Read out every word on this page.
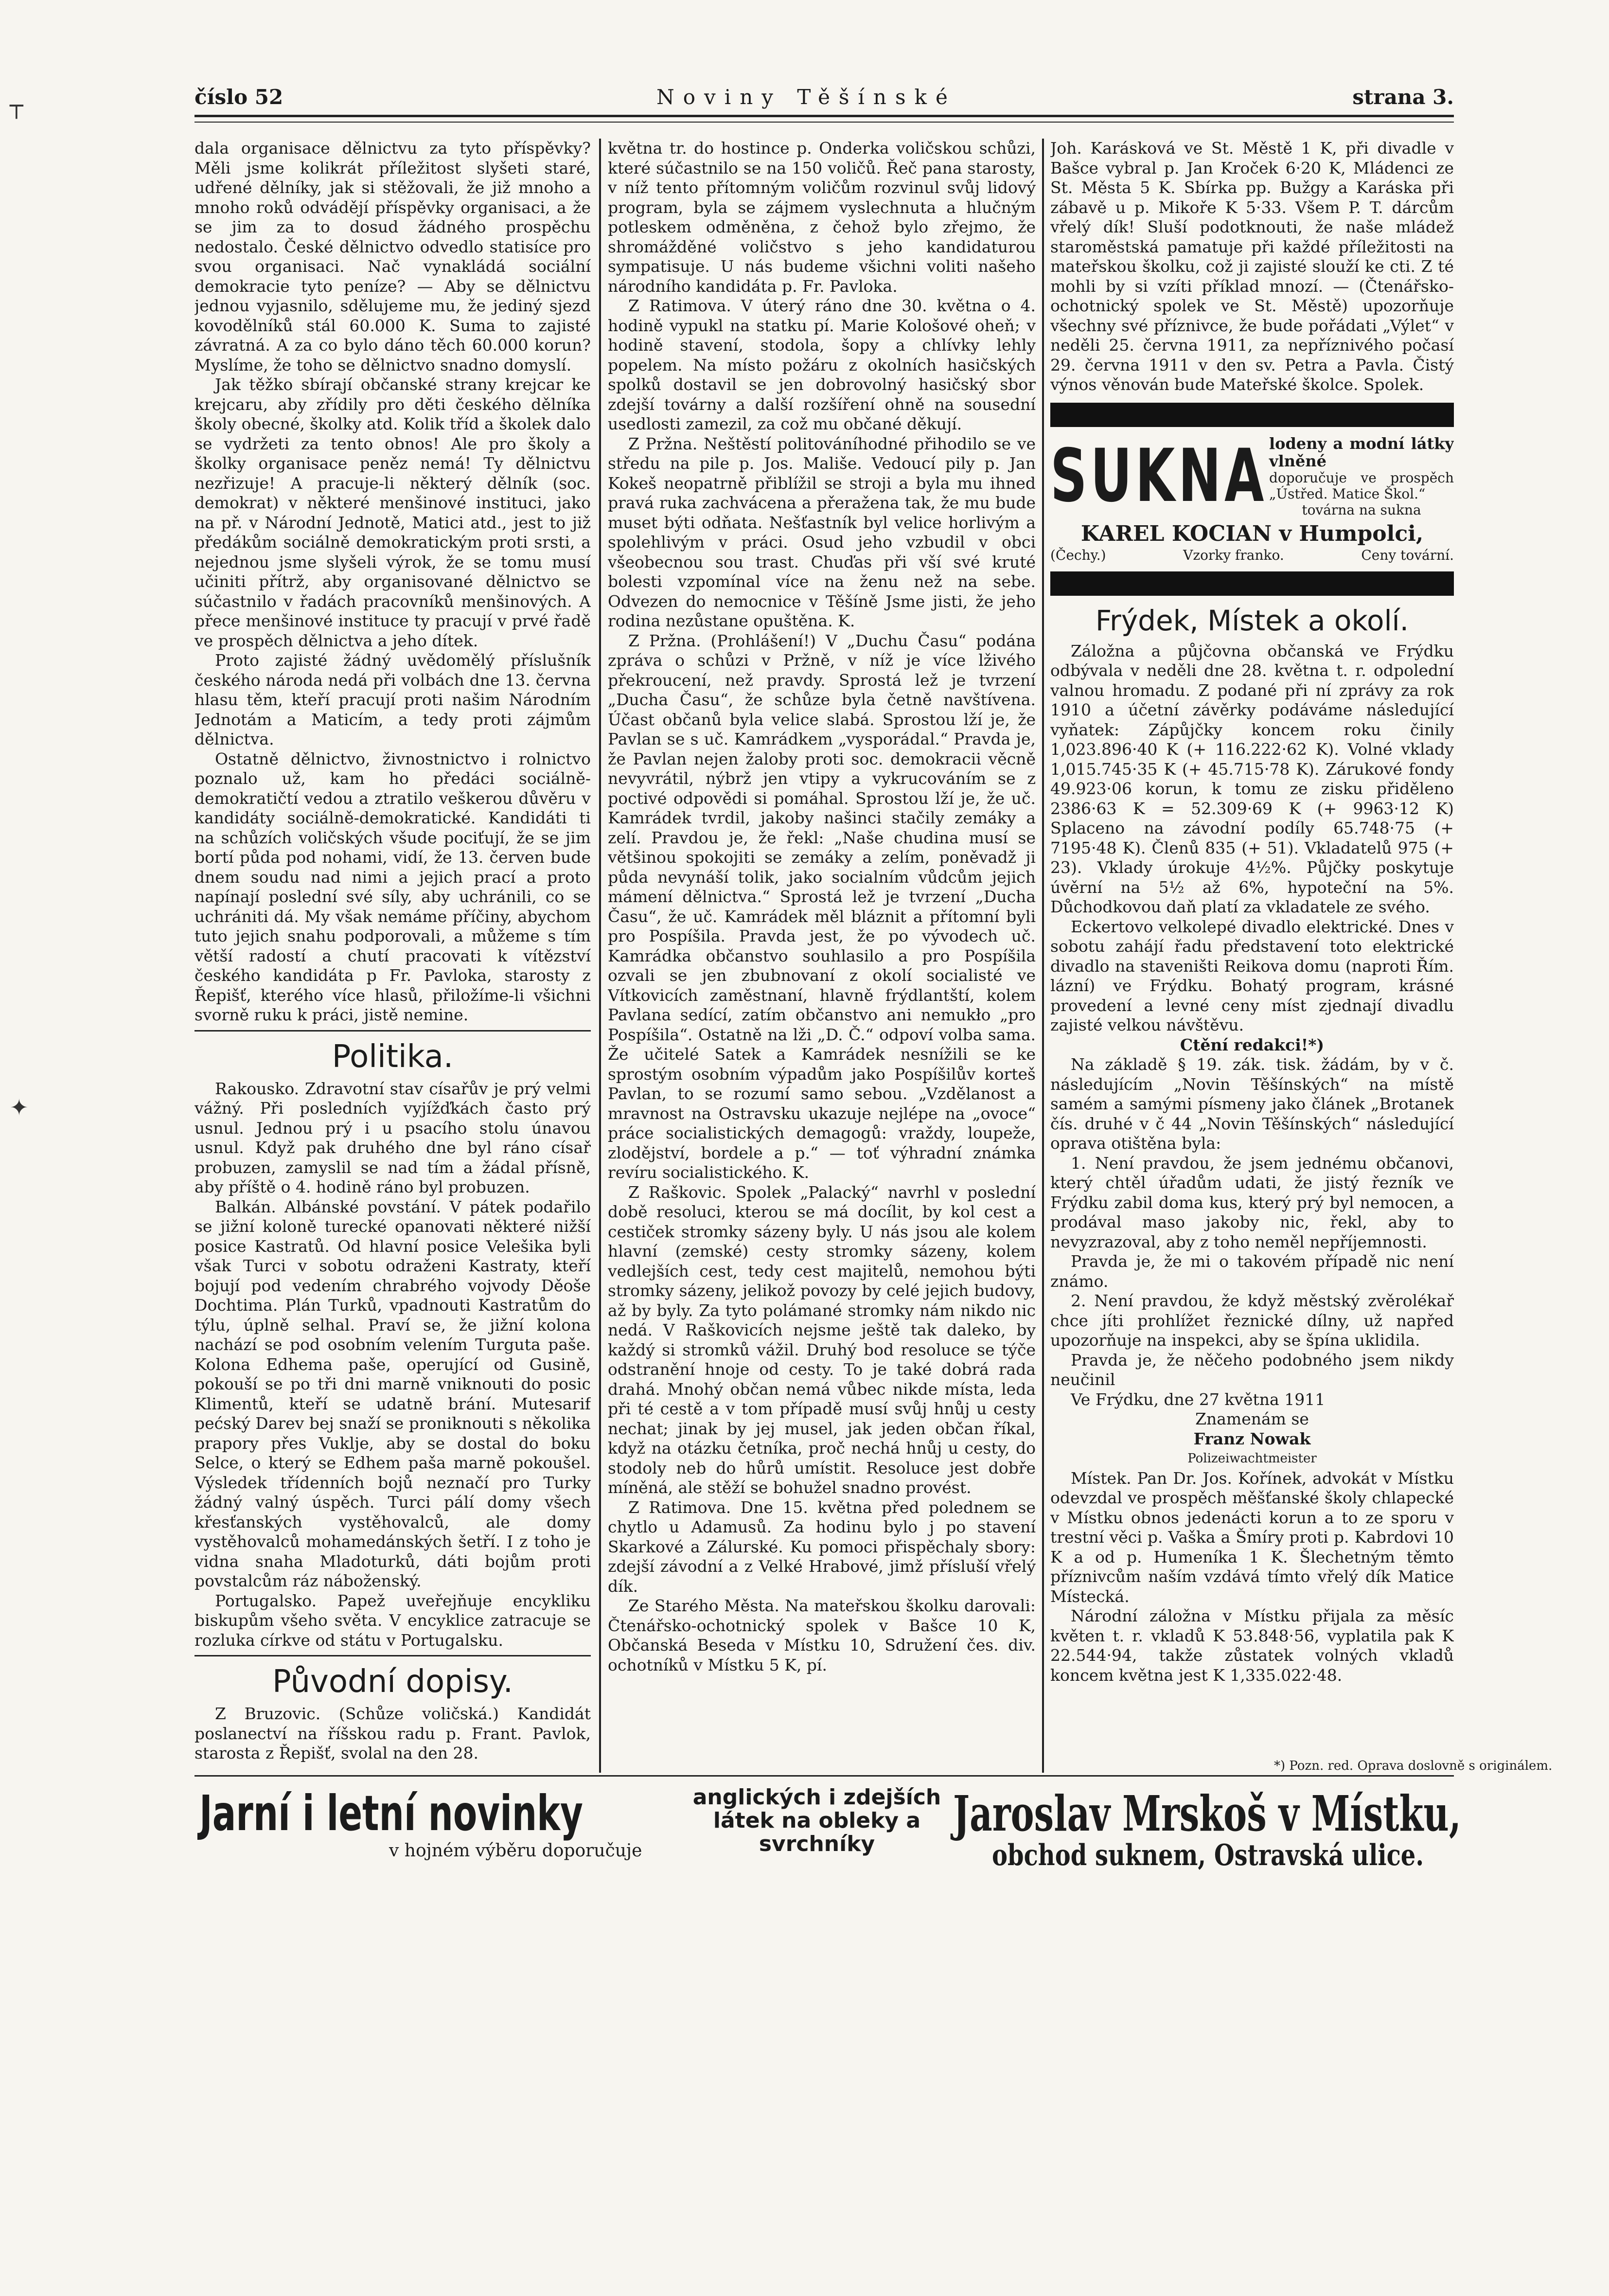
číslo 52	Noviny Těšínské	strana 3.

dala organisace dělnictvu za tyto příspěvky? Měli jsme kolikrát příležitost slyšeti staré, udřené dělníky, jak si stěžovali, že již mnoho a mnoho roků odvádějí příspěvky organisaci, a že se jim za to dosud žádného prospěchu nedostalo. České dělnictvo odvedlo statisíce pro svou organisaci. Nač vynakládá sociální demokracie tyto peníze? — Aby se dělnictvu jednou vyjasnilo, sdělujeme mu, že jediný sjezd kovodělníků stál 60.000 K. Suma to zajisté závratná. A za co bylo dáno těch 60.000 korun? Myslíme, že toho se dělnictvo snadno domyslí.

Jak těžko sbírají občanské strany krejcar ke krejcaru, aby zřídily pro děti českého dělníka školy obecné, školky atd. Kolik tříd a školek dalo se vydržeti za tento obnos! Ale pro školy a školky organisace peněz nemá! Ty dělnictvu nezřizuje! A pracuje-li některý dělník (soc. demokrat) v některé menšinové instituci, jako na př. v Národní Jednotě, Matici atd., jest to již předákům sociálně demokratickým proti srsti, a nejednou jsme slyšeli výrok, že se tomu musí učiniti přítrž, aby organisované dělnictvo se súčastnilo v řadách pracovníků menšinových. A přece menšinové instituce ty pracují v prvé řadě ve prospěch dělnictva a jeho dítek.

Proto zajisté žádný uvědomělý příslušník českého národa nedá při volbách dne 13. června hlasu těm, kteří pracují proti našim Národním Jednotám a Maticím, a tedy proti zájmům dělnictva.

Ostatně dělnictvo, živnostnictvo i rolnictvo poznalo už, kam ho předáci sociálně-demokratičtí vedou a ztratilo veškerou důvěru v kandidáty sociálně-demokratické. Kandidáti ti na schůzích voličských všude pociťují, že se jim bortí půda pod nohami, vidí, že 13. červen bude dnem soudu nad nimi a jejich prací a proto napínají poslední své síly, aby uchránili, co se uchrániti dá. My však nemáme příčiny, abychom tuto jejich snahu podporovali, a můžeme s tím větší radostí a chutí pracovati k vítězství českého kandidáta p Fr. Pavloka, starosty z Řepišť, kterého více hlasů, přiložíme-li všichni svorně ruku k práci, jistě nemine.

Politika.

Rakousko. Zdravotní stav císařův je prý velmi vážný. Při posledních vyjížďkách často prý usnul. Jednou prý i u psacího stolu únavou usnul. Když pak druhého dne byl ráno císař probuzen, zamyslil se nad tím a žádal přísně, aby příště o 4. hodině ráno byl probuzen.

Balkán. Albánské povstání. V pátek podařilo se jižní koloně turecké opanovati některé nižší posice Kastratů. Od hlavní posice Velešika byli však Turci v sobotu odraženi Kastraty, kteří bojují pod vedením chrabrého vojvody Děoše Dochtima. Plán Turků, vpadnouti Kastratům do týlu, úplně selhal. Praví se, že jižní kolona nachází se pod osobním velením Turguta paše. Kolona Edhema paše, operující od Gusině, pokouší se po tři dni marně vniknouti do posic Klimentů, kteří se udatně brání. Mutesarif pećský Darev bej snaží se proniknouti s několika prapory přes Vuklje, aby se dostal do boku Selce, o který se Edhem paša marně pokoušel. Výsledek třídenních bojů neznačí pro Turky žádný valný úspěch. Turci pálí domy všech křesťanských vystěhovalců, ale domy vystěhovalců mohamedánských šetří. I z toho je vidna snaha Mladoturků, dáti bojům proti povstalcům ráz náboženský.

Portugalsko. Papež uveřejňuje encykliku biskupům všeho světa. V encyklice zatracuje se rozluka církve od státu v Portugalsku.

Původní dopisy.

Z Bruzovic. (Schůze voličská.) Kandidát poslanectví na říšskou radu p. Frant. Pavlok, starosta z Řepišť, svolal na den 28.

května tr. do hostince p. Onderka voličskou schůzi, které súčastnilo se na 150 voličů. Řeč pana starosty, v níž tento přítomným voličům rozvinul svůj lidový program, byla se zájmem vyslechnuta a hlučným potleskem odměněna, z čehož bylo zřejmo, že shromážděné voličstvo s jeho kandidaturou sympatisuje. U nás budeme všichni voliti našeho národního kandidáta p. Fr. Pavloka.

Z Ratimova. V úterý ráno dne 30. května o 4. hodině vypukl na statku pí. Marie Kološové oheň; v hodině stavení, stodola, šopy a chlívky lehly popelem. Na místo požáru z okolních hasičských spolků dostavil se jen dobrovolný hasičský sbor zdejší továrny a další rozšíření ohně na sousední usedlosti zamezil, za což mu občané děkují.

Z Pržna. Neštěstí politováníhodné přihodilo se ve středu na pile p. Jos. Mališe. Vedoucí pily p. Jan Kokeš neopatrně přiblížil se stroji a byla mu ihned pravá ruka zachvácena a přeražena tak, že mu bude muset býti odňata. Nešťastník byl velice horlivým a spolehlivým v práci. Osud jeho vzbudil v obci všeobecnou sou trast. Chuďas při vší své kruté bolesti vzpomínal více na ženu než na sebe. Odvezen do nemocnice v Těšíně Jsme jisti, že jeho rodina nezůstane opuštěna. K.

Z Pržna. (Prohlášení!) V „Duchu Času“ podána zpráva o schůzi v Pržně, v níž je více lživého překroucení, než pravdy. Sprostá lež je tvrzení „Ducha Času“, že schůze byla četně navštívena. Účast občanů byla velice slabá. Sprostou lží je, že Pavlan se s uč. Kamrádkem „vysporádal.“ Pravda je, že Pavlan nejen žaloby proti soc. demokracii věcně nevyvrátil, nýbrž jen vtipy a vykrucováním se z poctivé odpovědi si pomáhal. Sprostou lží je, že uč. Kamrádek tvrdil, jakoby našinci stačily zemáky a zelí. Pravdou je, že řekl: „Naše chudina musí se většinou spokojiti se zemáky a zelím, poněvadž ji půda nevynáší tolik, jako socialním vůdcům jejich mámení dělnictva.“ Sprostá lež je tvrzení „Ducha Času“, že uč. Kamrádek měl bláznit a přítomní byli pro Pospíšila. Pravda jest, že po vývodech uč. Kamrádka občanstvo souhlasilo a pro Pospíšila ozvali se jen zbubnovaní z okolí socialisté ve Vítkovicích zaměstnaní, hlavně frýdlantští, kolem Pavlana sedící, zatím občanstvo ani nemukło „pro Pospíšila“. Ostatně na lži „D. Č.“ odpoví volba sama. Že učitelé Satek a Kamrádek nesnížili se ke sprostým osobním výpadům jako Pospíšilův korteš Pavlan, to se rozumí samo sebou. „Vzdělanost a mravnost na Ostravsku ukazuje nejlépe na „ovoce“ práce socialistických demagogů: vraždy, loupeže, zlodějství, bordele a p.“ — toť výhradní známka revíru socialistického. K.

Z Raškovic. Spolek „Palacký“ navrhl v poslední době resoluci, kterou se má docílit, by kol cest a cestiček stromky sázeny byly. U nás jsou ale kolem hlavní (zemské) cesty stromky sázeny, kolem vedlejších cest, tedy cest majitelů, nemohou býti stromky sázeny, jelikož povozy by celé jejich budovy, až by byly. Za tyto polámané stromky nám nikdo nic nedá. V Raškovicích nejsme ještě tak daleko, by každý si stromků vážil. Druhý bod resoluce se týče odstranění hnoje od cesty. To je také dobrá rada drahá. Mnohý občan nemá vůbec nikde místa, leda při té cestě a v tom případě musí svůj hnůj u cesty nechat; jinak by jej musel, jak jeden občan říkal, když na otázku četníka, proč nechá hnůj u cesty, do stodoly neb do hůrů umístit. Resoluce jest dobře míněná, ale stěží se bohužel snadno provést.

Z Ratimova. Dne 15. května před polednem se chytlo u Adamusů. Za hodinu bylo j po stavení Skarkové a Zálurské. Ku pomoci přispěchaly sbory: zdejší závodní a z Velké Hrabové, jimž přísluší vřelý dík.

Ze Starého Města. Na mateřskou školku darovali: Čtenářsko-ochotnický spolek v Bašce 10 K, Občanská Beseda v Místku 10, Sdružení čes. div. ochotníků v Místku 5 K, pí.

Joh. Karásková ve St. Městě 1 K, při divadle v Bašce vybral p. Jan Kroček 6·20 K, Mládenci ze St. Města 5 K. Sbírka pp. Bužgy a Karáska při zábavě u p. Mikoře K 5·33. Všem P. T. dárcům vřelý dík! Sluší podotknouti, že naše mládež staroměstská pamatuje při každé příležitosti na mateřskou školku, což ji zajisté slouží ke cti. Z té mohli by si vzíti příklad mnozí. — (Čtenářsko-ochotnický spolek ve St. Městě) upozorňuje všechny své příznivce, že bude pořádati „Výlet“ v neděli 25. června 1911, za nepříznivého počasí 29. června 1911 v den sv. Petra a Pavla. Čistý výnos věnován bude Mateřské školce. Spolek.

SUKNA lodeny a modní látky vlněné
doporučuje ve prospěch „Ústřed. Matice Škol.“
továrna na sukna
KAREL KOCIAN v Humpolci,
(Čechy.)	Vzorky franko.	Ceny tovární.
Frýdek, Místek a okolí.

Záložna a půjčovna občanská ve Frýdku odbývala v neděli dne 28. května t. r. odpolední valnou hromadu. Z podané při ní zprávy za rok 1910 a účetní závěrky podáváme následující vyňatek: Zápůjčky koncem roku činily 1,023.896·40 K (+ 116.222·62 K). Volné vklady 1,015.745·35 K (+ 45.715·78 K). Zárukové fondy 49.923·06 korun, k tomu ze zisku přiděleno 2386·63 K = 52.309·69 K (+ 9963·12 K) Splaceno na závodní podíly 65.748·75 (+ 7195·48 K). Členů 835 (+ 51). Vkladatelů 975 (+ 23). Vklady úrokuje 4½%. Půjčky poskytuje úvěrní na 5½ až 6%, hypoteční na 5%. Důchodkovou daň platí za vkladatele ze svého.

Eckertovo velkolepé divadlo elektrické. Dnes v sobotu zahájí řadu představení toto elektrické divadlo na staveništi Reikova domu (naproti Řím. lázní) ve Frýdku. Bohatý program, krásné provedení a levné ceny míst zjednají divadlu zajisté velkou návštěvu.

Ctění redakci!*)

Na základě § 19. zák. tisk. žádám, by v č. následujícím „Novin Těšínských“ na místě samém a samými písmeny jako článek „Brotanek čís. druhé v č 44 „Novin Těšínských“ následující oprava otištěna byla:

1. Není pravdou, že jsem jednému občanovi, který chtěl úřadům udati, že jistý řezník ve Frýdku zabil doma kus, který prý byl nemocen, a prodával maso jakoby nic, řekl, aby to nevyzrazoval, aby z toho neměl nepříjemnosti.

Pravda je, že mi o takovém případě nic není známo.

2. Není pravdou, že když městský zvěrolékař chce jíti prohlížet řeznické dílny, už napřed upozorňuje na inspekci, aby se špína uklidila.

Pravda je, že něčeho podobného jsem nikdy neučinil

Ve Frýdku, dne 27 května 1911

Znamenám se

Franz Nowak

Polizeiwachtmeister

Místek. Pan Dr. Jos. Kořínek, advokát v Místku odevzdal ve prospěch měšťanské školy chlapecké v Místku obnos jedenácti korun a to ze sporu v trestní věci p. Vaška a Šmíry proti p. Kabrdovi 10 K a od p. Humeníka 1 K. Šlechetným těmto příznivcům naším vzdává tímto vřelý dík Matice Místecká.

Národní záložna v Místku přijala za měsíc květen t. r. vkladů K 53.848·56, vyplatila pak K 22.544·94, takže zůstatek volných vkladů koncem května jest K 1,335.022·48.

*) Pozn. red. Oprava doslovně s originálem.
Jarní i letní novinky
v hojném výběru doporučuje
anglických i zdejších látek na obleky a svrchníky
Jaroslav Mrskoš v Místku,
obchod suknem, Ostravská ulice.
┬
✦
